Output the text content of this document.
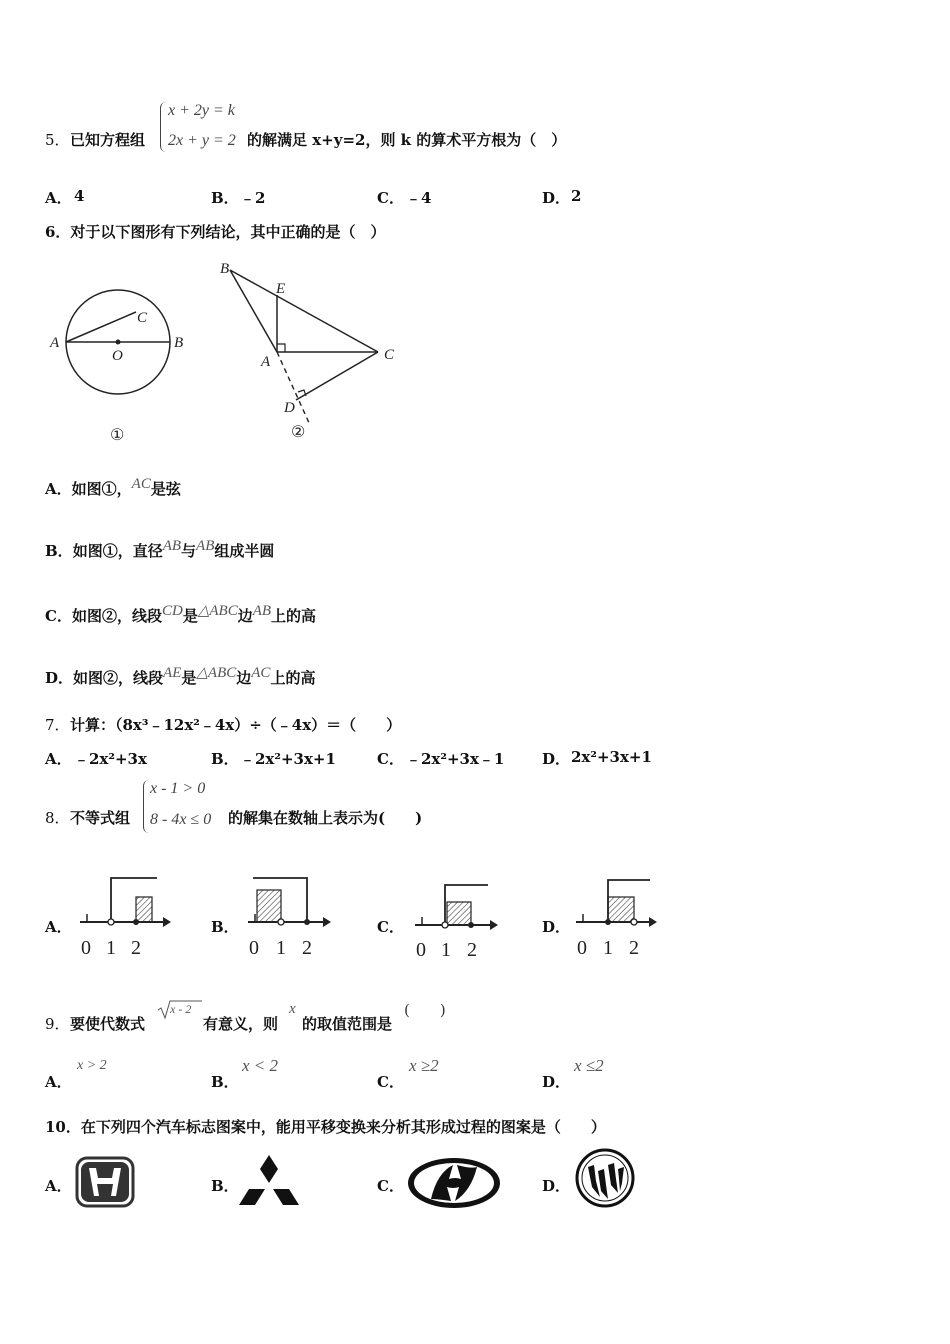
5． 已知方程组
x + 2y = k
2x + y = 2 的解满足 x+y=2，则 k 的算术平方根为（　）
A． 4	B． ﹣2	C． ﹣4	D． 2
6．对于以下图形有下列结论，其中正确的是（　）
A
O
B
C
①
B
E
A	C
D
②
A．如图①，$^{AC}$是弦
B．如图①，直径$^{AB}$与$^{AB}$组成半圆
C．如图②，线段$^{CD}$是$^{\triangle ABC}$边$^{AB}$上的高
D．如图②，线段$^{AE}$是$^{\triangle ABC}$边$^{AC}$上的高
7． 计算：（8x³﹣12x²﹣4x）÷（﹣4x）＝（　　）
A． ﹣2x²+3x	B． ﹣2x²+3x+1	C． ﹣2x²+3x﹣1	D． 2x²+3x+1
8． 不等式组
x - 1 > 0
8 - 4x ≤ 0 的解集在数轴上表示为(　　)
A．	B．	C．	D．
0 1 2	0 1 2	0 1 2	0 1 2
9． 要使代数式
x - 2
有意义，则
x
的取值范围是
(　　)
A．
x > 2
B．
x < 2
C．
x ≥2
D．
x ≤2
10．在下列四个汽车标志图案中，能用平移变换来分析其形成过程的图案是（　　）
A．	B．	C．	D．
